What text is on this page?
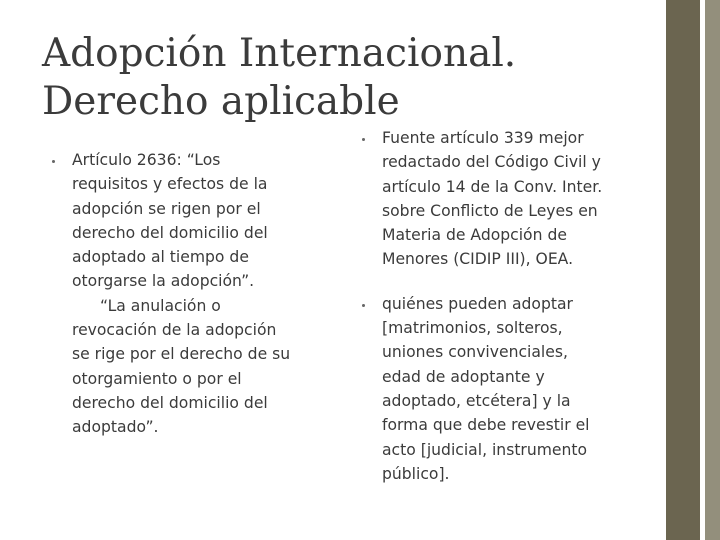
Adopción Internacional.
Derecho aplicable
Artículo 2636: “Los
requisitos y efectos de la
adopción se rigen por el
derecho del domicilio del
adoptado al tiempo de
otorgarse la adopción”.
“La anulación o
revocación de la adopción
se rige por el derecho de su
otorgamiento o por el
derecho del domicilio del
adoptado”.
Fuente artículo 339 mejor
redactado del Código Civil y
artículo 14 de la Conv. Inter.
sobre Conflicto de Leyes en
Materia de Adopción de
Menores (CIDIP III), OEA.
quiénes pueden adoptar
[matrimonios, solteros,
uniones convivenciales,
edad de adoptante y
adoptado, etcétera] y la
forma que debe revestir el
acto [judicial, instrumento
público].
